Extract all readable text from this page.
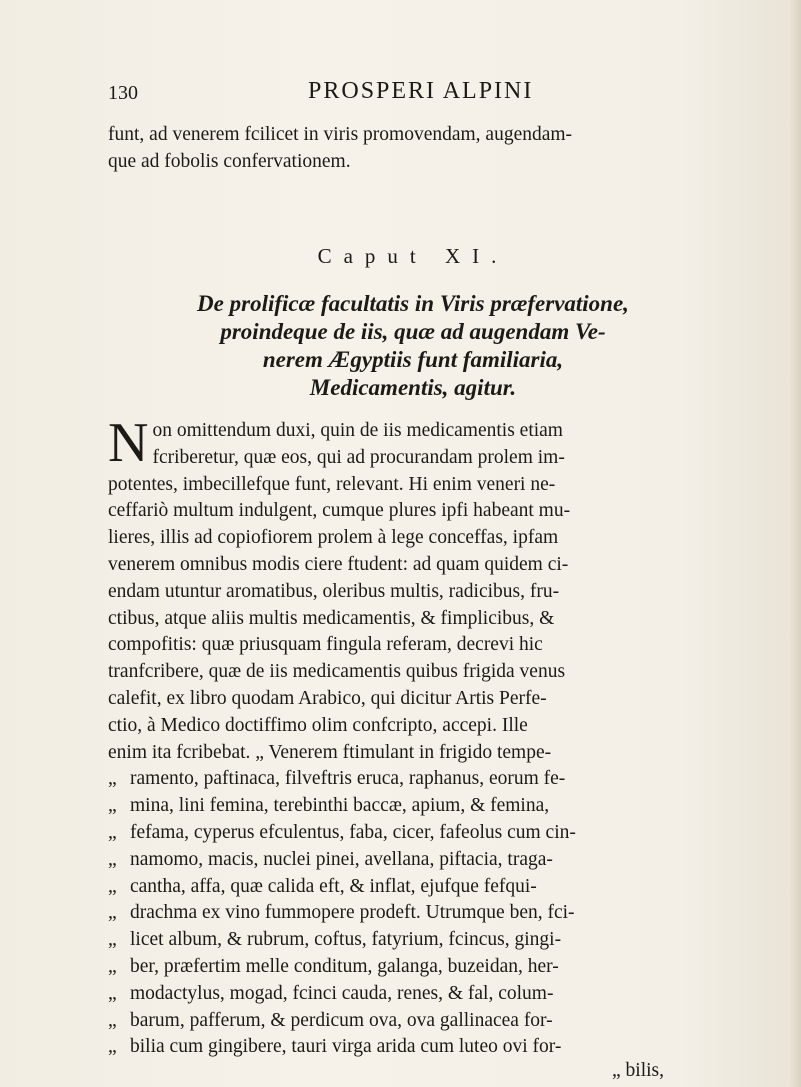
130	PROSPERI ALPINI
funt, ad venerem fcilicet in viris promovendam, augendam-
que ad fobolis confervationem.
Caput XI.
De prolificæ facultatis in Viris præfervatione,
proindeque de iis, quæ ad augendam Ve-
nerem Ægyptiis funt familiaria,
Medicamentis, agitur.
N on omittendum duxi, quin de iis medicamentis etiam
fcriberetur, quæ eos, qui ad procurandam prolem im-
potentes, imbecillefque funt, relevant. Hi enim veneri ne-
ceffariò multum indulgent, cumque plures ipfi habeant mu-
lieres, illis ad copiofiorem prolem à lege conceffas, ipfam
venerem omnibus modis ciere ftudent: ad quam quidem ci-
endam utuntur aromatibus, oleribus multis, radicibus, fru-
ctibus, atque aliis multis medicamentis, & fimplicibus, &
compofitis: quæ priusquam fingula referam, decrevi hic
tranfcribere, quæ de iis medicamentis quibus frigida venus
calefit, ex libro quodam Arabico, qui dicitur Artis Perfe-
ctio, à Medico doctiffimo olim confcripto, accepi. Ille
enim ita fcribebat. „ Venerem ftimulant in frigido tempe-
„ ramento, paftinaca, filveftris eruca, raphanus, eorum fe-
„ mina, lini femina, terebinthi baccæ, apium, & femina,
„ fefama, cyperus efculentus, faba, cicer, fafeolus cum cin-
„ namomo, macis, nuclei pinei, avellana, piftacia, traga-
„ cantha, affa, quæ calida eft, & inflat, ejufque fefqui-
„ drachma ex vino fummopere prodeft. Utrumque ben, fci-
„ licet album, & rubrum, coftus, fatyrium, fcincus, gingi-
„ ber, præfertim melle conditum, galanga, buzeidan, her-
„ modactylus, mogad, fcinci cauda, renes, & fal, colum-
„ barum, pafferum, & perdicum ova, ova gallinacea for-
„ bilia cum gingibere, tauri virga arida cum luteo ovi for-
„ bilis,
